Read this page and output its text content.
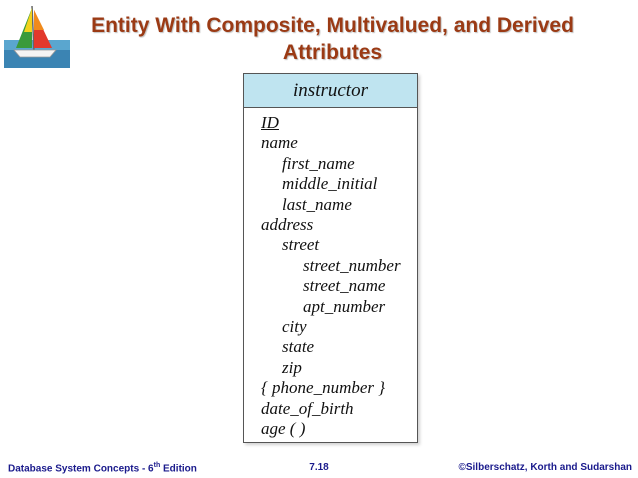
Entity With Composite, Multivalued, and Derived
Attributes
instructor
ID
name
first_name
middle_initial
last_name
address
street
street_number
street_name
apt_number
city
state
zip
{ phone_number }
date_of_birth
age ( )
Database System Concepts - 6th Edition	7.18	©Silberschatz, Korth and Sudarshan
